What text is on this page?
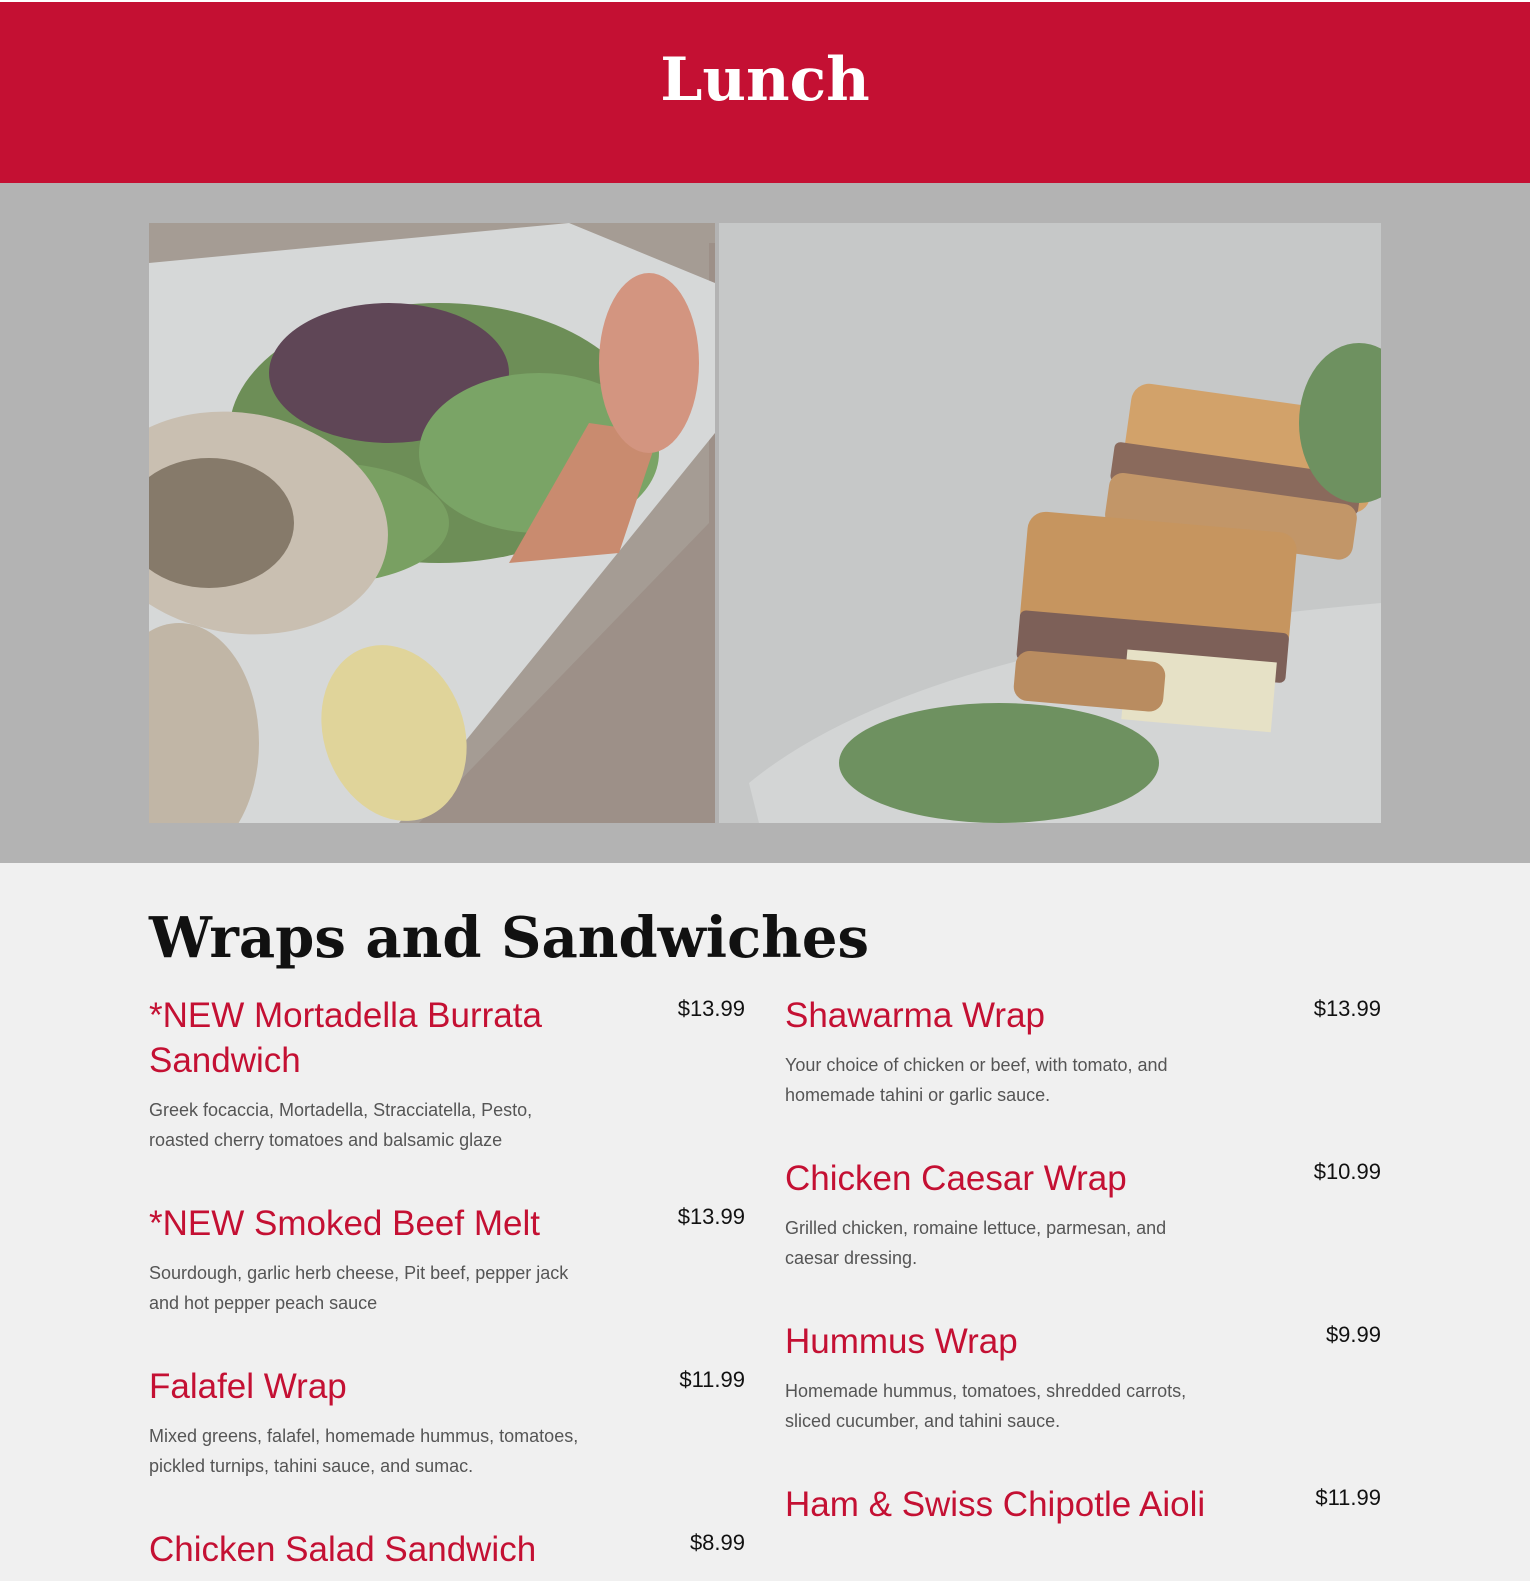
Lunch
Wraps and Sandwiches
*NEW Mortadella Burrata Sandwich
$13.99
Greek focaccia, Mortadella, Stracciatella, Pesto, roasted cherry tomatoes and balsamic glaze
*NEW Smoked Beef Melt	$13.99
Sourdough, garlic herb cheese, Pit beef, pepper jack and hot pepper peach sauce
Falafel Wrap	$11.99
Mixed greens, falafel, homemade hummus, tomatoes, pickled turnips, tahini sauce, and sumac.
Chicken Salad Sandwich	$8.99
Shawarma Wrap	$13.99
Your choice of chicken or beef, with tomato, and homemade tahini or garlic sauce.
Chicken Caesar Wrap	$10.99
Grilled chicken, romaine lettuce, parmesan, and caesar dressing.
Hummus Wrap	$9.99
Homemade hummus, tomatoes, shredded carrots, sliced cucumber, and tahini sauce.
Ham & Swiss Chipotle Aioli	$11.99
